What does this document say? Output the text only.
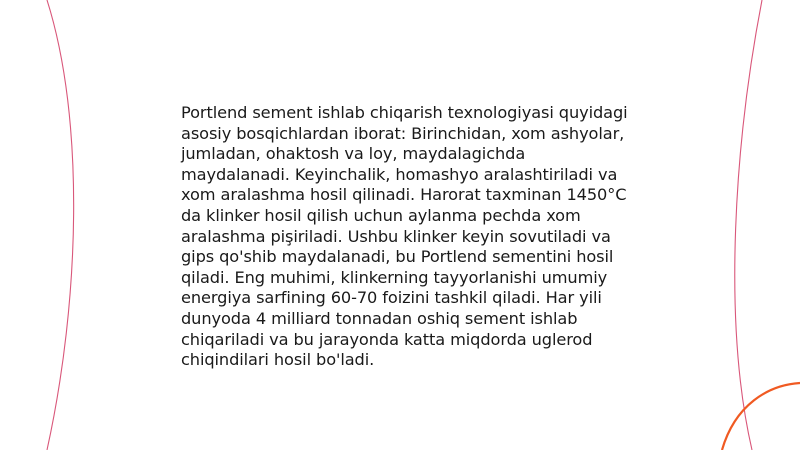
Portlend sement ishlab chiqarish texnologiyasi quyidagi asosiy bosqichlardan iborat: Birinchidan, xom ashyolar, jumladan, ohaktosh va loy, maydalagichda maydalanadi. Keyinchalik, homashyo aralashtiriladi va xom aralashma hosil qilinadi. Harorat taxminan 1450°C da klinker hosil qilish uchun aylanma pechda xom aralashma pişiriladi. Ushbu klinker keyin sovutiladi va gips qo'shib maydalanadi, bu Portlend sementini hosil qiladi. Eng muhimi, klinkerning tayyorlanishi umumiy energiya sarfining 60-70 foizini tashkil qiladi. Har yili dunyoda 4 milliard tonnadan oshiq sement ishlab chiqariladi va bu jarayonda katta miqdorda uglerod chiqindilari hosil bo'ladi.
